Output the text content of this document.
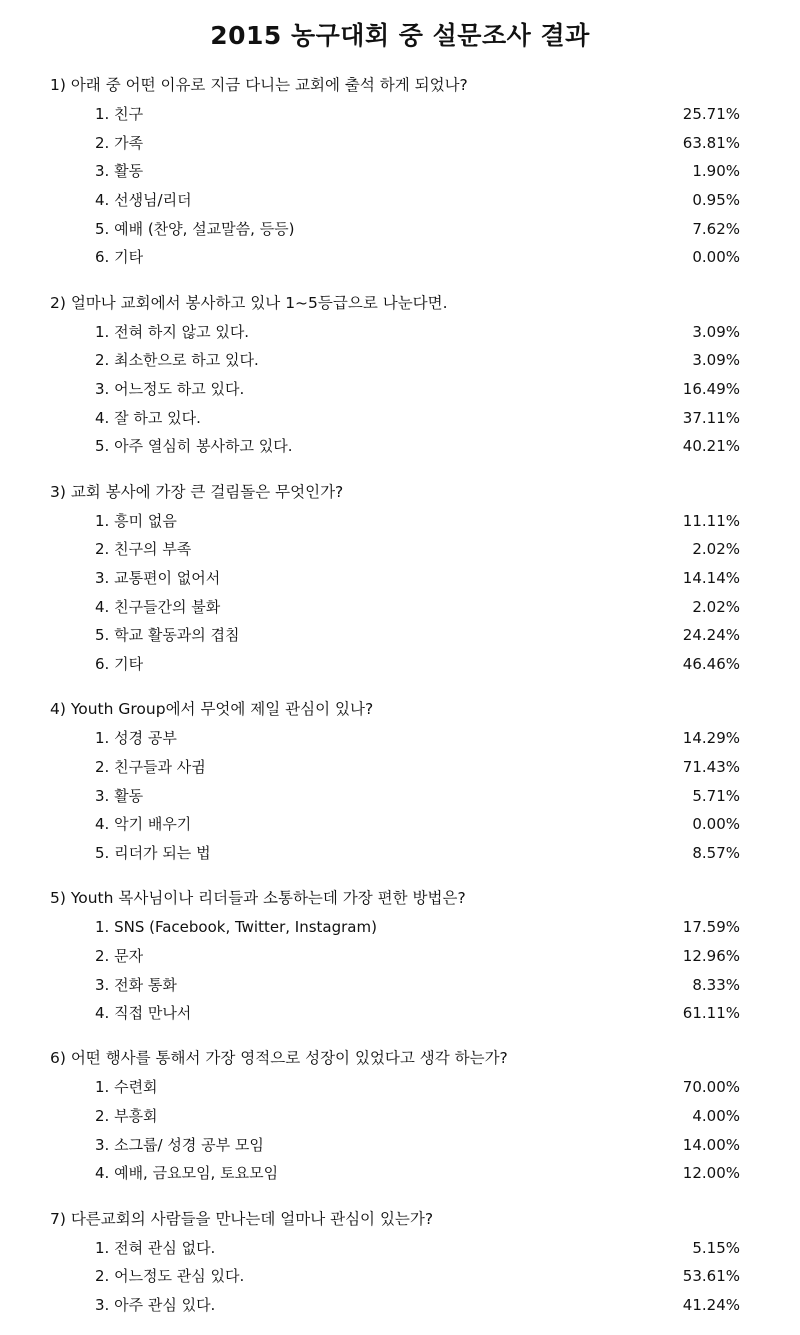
2015 농구대회 중 설문조사 결과
1) 아래 중 어떤 이유로 지금 다니는 교회에 출석 하게 되었나?
1. 친구	25.71%
2. 가족	63.81%
3. 활동	1.90%
4. 선생님/리더	0.95%
5. 예배 (찬양, 설교말씀, 등등)	7.62%
6. 기타	0.00%
2) 얼마나 교회에서 봉사하고 있나 1~5등급으로 나눈다면.
1. 전혀 하지 않고 있다.	3.09%
2. 최소한으로 하고 있다.	3.09%
3. 어느정도 하고 있다.	16.49%
4. 잘 하고 있다.	37.11%
5. 아주 열심히 봉사하고 있다.	40.21%
3) 교회 봉사에 가장 큰 걸림돌은 무엇인가?
1. 흥미 없음	11.11%
2. 친구의 부족	2.02%
3. 교통편이 없어서	14.14%
4. 친구들간의 불화	2.02%
5. 학교 활동과의 겹침	24.24%
6. 기타	46.46%
4) Youth Group에서 무엇에 제일 관심이 있나?
1. 성경 공부	14.29%
2. 친구들과 사귐	71.43%
3. 활동	5.71%
4. 악기 배우기	0.00%
5. 리더가 되는 법	8.57%
5) Youth 목사님이나 리더들과 소통하는데 가장 편한 방법은?
1. SNS (Facebook, Twitter, Instagram)	17.59%
2. 문자	12.96%
3. 전화 통화	8.33%
4. 직접 만나서	61.11%
6) 어떤 행사를 통해서 가장 영적으로 성장이 있었다고 생각 하는가?
1. 수련회	70.00%
2. 부흥회	4.00%
3. 소그룹/ 성경 공부 모임	14.00%
4. 예배, 금요모임, 토요모임	12.00%
7) 다른교회의 사람들을 만나는데 얼마나 관심이 있는가?
1. 전혀 관심 없다.	5.15%
2. 어느정도 관심 있다.	53.61%
3. 아주 관심 있다.	41.24%
